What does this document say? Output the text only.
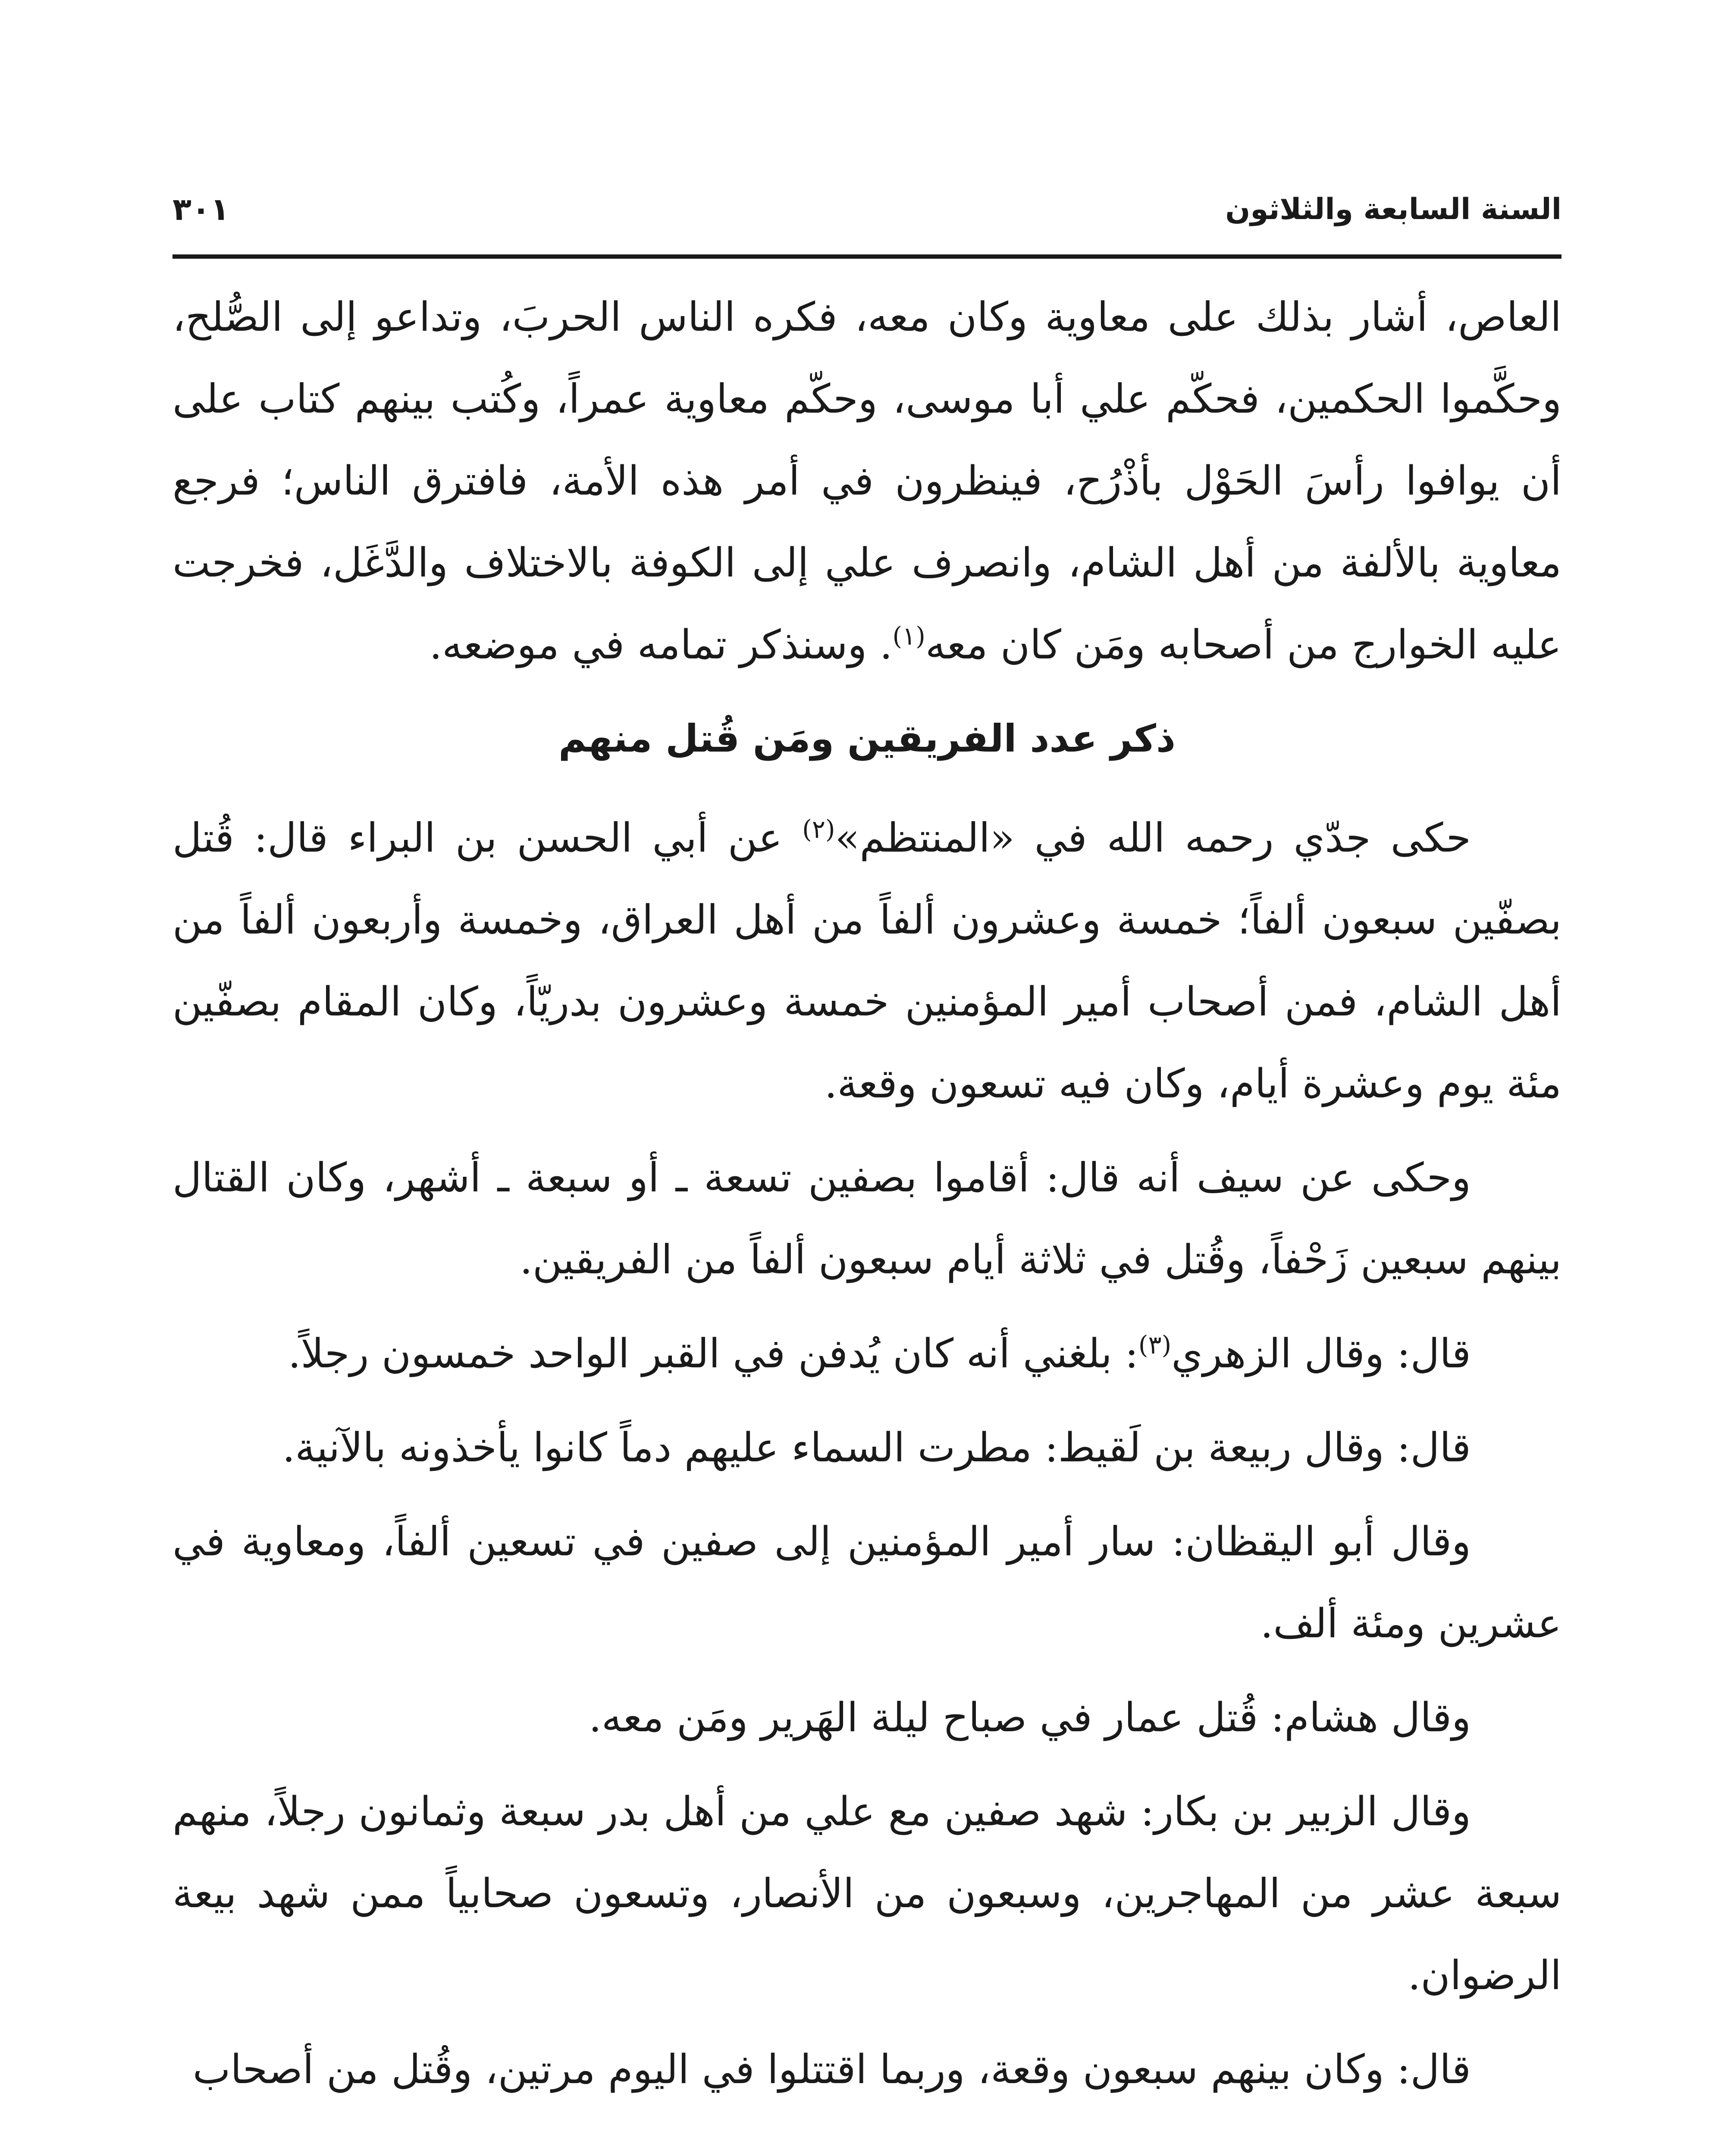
السنة السابعة والثلاثون
٣٠١

العاص، أشار بذلك على معاوية وكان معه، فكره الناس الحربَ، وتداعو إلى الصُّلح، وحكَّموا الحكمين، فحكّم علي أبا موسى، وحكّم معاوية عمراً، وكُتب بينهم كتاب على أن يوافوا رأسَ الحَوْل بأذْرُح، فينظرون في أمر هذه الأمة، فافترق الناس؛ فرجع معاوية بالألفة من أهل الشام، وانصرف علي إلى الكوفة بالاختلاف والدَّغَل، فخرجت عليه الخوارج من أصحابه ومَن كان معه$^{(١)}$. وسنذكر تمامه في موضعه.

ذكر عدد الفريقين ومَن قُتل منهم

حكى جدّي رحمه الله في «المنتظم»$^{(٢)}$ عن أبي الحسن بن البراء قال: قُتل بصفّين سبعون ألفاً؛ خمسة وعشرون ألفاً من أهل العراق، وخمسة وأربعون ألفاً من أهل الشام، فمن أصحاب أمير المؤمنين خمسة وعشرون بدريّاً، وكان المقام بصفّين مئة يوم وعشرة أيام، وكان فيه تسعون وقعة.

وحكى عن سيف أنه قال: أقاموا بصفين تسعة ـ أو سبعة ـ أشهر، وكان القتال بينهم سبعين زَحْفاً، وقُتل في ثلاثة أيام سبعون ألفاً من الفريقين.

قال: وقال الزهري$^{(٣)}$: بلغني أنه كان يُدفن في القبر الواحد خمسون رجلاً.

قال: وقال ربيعة بن لَقيط: مطرت السماء عليهم دماً كانوا يأخذونه بالآنية.

وقال أبو اليقظان: سار أمير المؤمنين إلى صفين في تسعين ألفاً، ومعاوية في عشرين ومئة ألف.

وقال هشام: قُتل عمار في صباح ليلة الهَرير ومَن معه.

وقال الزبير بن بكار: شهد صفين مع علي من أهل بدر سبعة وثمانون رجلاً، منهم سبعة عشر من المهاجرين، وسبعون من الأنصار، وتسعون صحابياً ممن شهد بيعة الرضوان.

قال: وكان بينهم سبعون وقعة، وربما اقتتلوا في اليوم مرتين، وقُتل من أصحاب
